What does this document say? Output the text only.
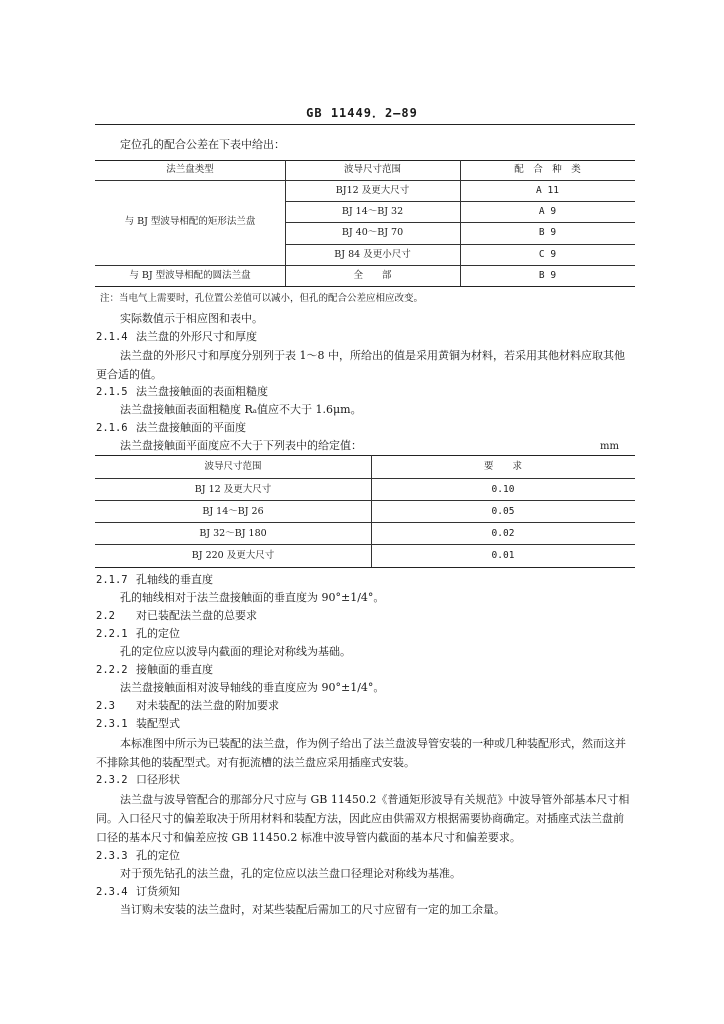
GB 11449．2—89
定位孔的配合公差在下表中给出：
法兰盘类型	波导尺寸范围	配　合　种　类
与 BJ 型波导相配的矩形法兰盘
BJ12 及更大尺寸	A 11
BJ 14～BJ 32	A 9
BJ 40～BJ 70	B 9
BJ 84 及更小尺寸	C 9
与 BJ 型波导相配的圆法兰盘	全　　部	B 9
注：当电气上需要时，孔位置公差值可以减小，但孔的配合公差应相应改变。
实际数值示于相应图和表中。
2.1.4 法兰盘的外形尺寸和厚度
法兰盘的外形尺寸和厚度分别列于表 1～8 中，所给出的值是采用黄铜为材料，若采用其他材料应取其他更合适的值。
2.1.5 法兰盘接触面的表面粗糙度
法兰盘接触面表面粗糙度 Rₐ值应不大于 1.6μm。
2.1.6 法兰盘接触面的平面度
法兰盘接触面平面度应不大于下列表中的给定值：	mm
波导尺寸范围	要　　求
BJ 12 及更大尺寸	0.10
BJ 14～BJ 26	0.05
BJ 32～BJ 180	0.02
BJ 220 及更大尺寸	0.01
2.1.7 孔轴线的垂直度
孔的轴线相对于法兰盘接触面的垂直度为 90°±1/4°。
2.2 对已装配法兰盘的总要求
2.2.1 孔的定位
孔的定位应以波导内截面的理论对称线为基础。
2.2.2 接触面的垂直度
法兰盘接触面相对波导轴线的垂直度应为 90°±1/4°。
2.3 对未装配的法兰盘的附加要求
2.3.1 装配型式
本标准图中所示为已装配的法兰盘，作为例子给出了法兰盘波导管安装的一种或几种装配形式，然而这并不排除其他的装配型式。对有扼流槽的法兰盘应采用插座式安装。
2.3.2 口径形状
法兰盘与波导管配合的那部分尺寸应与 GB 11450.2《普通矩形波导有关规范》中波导管外部基本尺寸相同。入口径尺寸的偏差取决于所用材料和装配方法，因此应由供需双方根据需要协商确定。对插座式法兰盘前口径的基本尺寸和偏差应按 GB 11450.2 标准中波导管内截面的基本尺寸和偏差要求。
2.3.3 孔的定位
对于预先钻孔的法兰盘，孔的定位应以法兰盘口径理论对称线为基准。
2.3.4 订货须知
当订购未安装的法兰盘时，对某些装配后需加工的尺寸应留有一定的加工余量。
